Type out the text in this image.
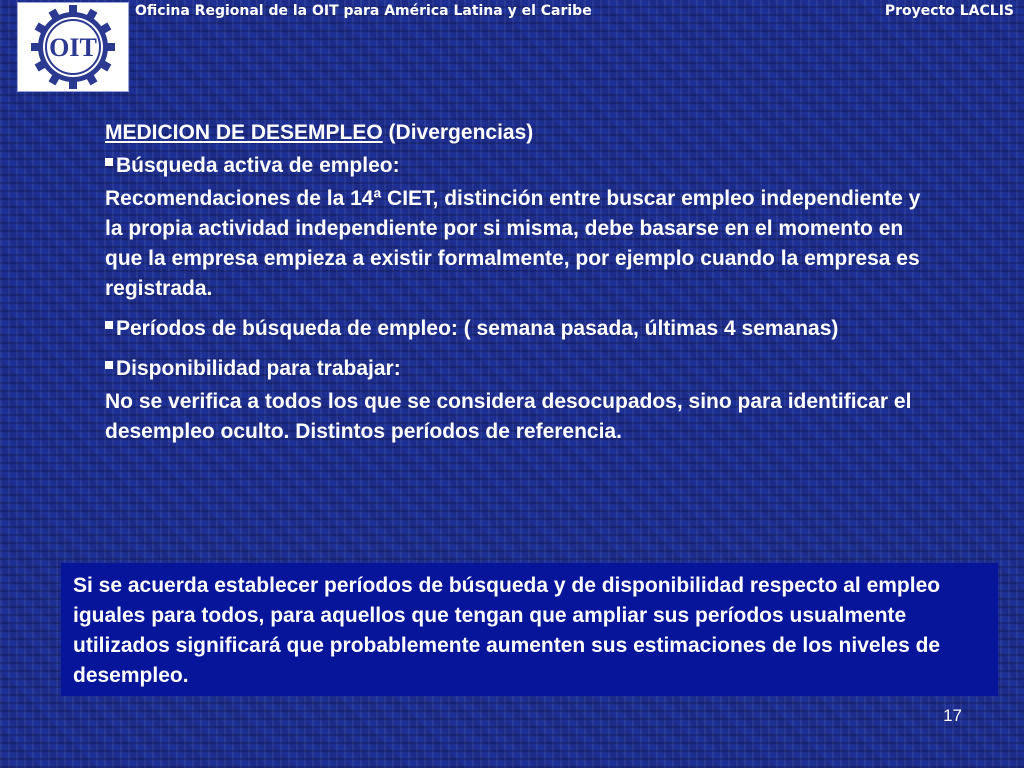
OIT
Oficina Regional de la OIT para América Latina y el Caribe	Proyecto LACLIS

MEDICION DE DESEMPLEO (Divergencias)

Búsqueda activa de empleo:

Recomendaciones de la 14ª CIET, distinción entre buscar empleo independiente y la propia actividad independiente por si misma, debe basarse en el momento en que la empresa empieza a existir formalmente, por ejemplo cuando la empresa es registrada.

Períodos de búsqueda de empleo: ( semana pasada, últimas 4 semanas)

Disponibilidad para trabajar:

No se verifica a todos los que se considera desocupados, sino para identificar el desempleo oculto. Distintos períodos de referencia.

Si se acuerda establecer períodos de búsqueda y de disponibilidad respecto al empleo iguales para todos, para aquellos que tengan que ampliar sus períodos usualmente utilizados significará que probablemente aumenten sus estimaciones de los niveles de desempleo.
17
